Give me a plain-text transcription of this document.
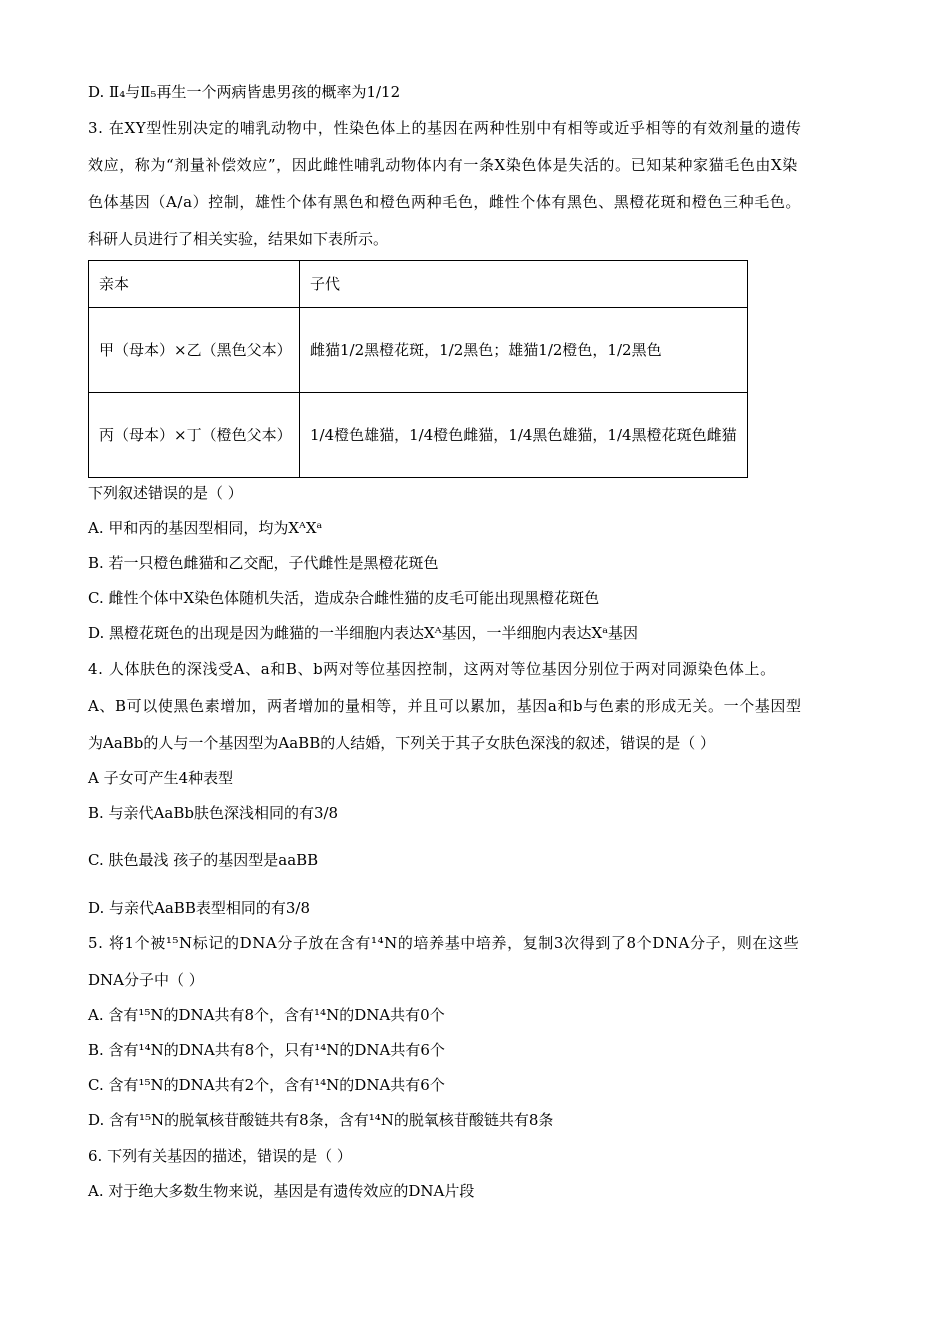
D. Ⅱ₄与Ⅱ₅再生一个两病皆患男孩的概率为1/12
3. 在XY型性别决定的哺乳动物中，性染色体上的基因在两种性别中有相等或近乎相等的有效剂量的遗传
效应，称为“剂量补偿效应”，因此雌性哺乳动物体内有一条X染色体是失活的。已知某种家猫毛色由X染
色体基因（A/a）控制，雄性个体有黑色和橙色两种毛色，雌性个体有黑色、黑橙花斑和橙色三种毛色。
科研人员进行了相关实验，结果如下表所示。
亲本	子代
甲（母本）×乙（黑色父本）	雌猫1/2黑橙花斑，1/2黑色；雄猫1/2橙色，1/2黑色
丙（母本）×丁（橙色父本）	1/4橙色雄猫，1/4橙色雌猫，1/4黑色雄猫，1/4黑橙花斑色雌猫
下列叙述错误的是（ ）
A. 甲和丙的基因型相同，均为XᴬXᵃ
B. 若一只橙色雌猫和乙交配，子代雌性是黑橙花斑色
C. 雌性个体中X染色体随机失活，造成杂合雌性猫的皮毛可能出现黑橙花斑色
D. 黑橙花斑色的出现是因为雌猫的一半细胞内表达Xᴬ基因，一半细胞内表达Xᵃ基因
4. 人体肤色的深浅受A、a和B、b两对等位基因控制，这两对等位基因分别位于两对同源染色体上。
A、B可以使黑色素增加，两者增加的量相等，并且可以累加，基因a和b与色素的形成无关。一个基因型
为AaBb的人与一个基因型为AaBB的人结婚，下列关于其子女肤色深浅的叙述，错误的是（ ）
A 子女可产生4种表型
B. 与亲代AaBb肤色深浅相同的有3/8
C. 肤色最浅 孩子的基因型是aaBB
D. 与亲代AaBB表型相同的有3/8
5. 将1个被¹⁵N标记的DNA分子放在含有¹⁴N的培养基中培养，复制3次得到了8个DNA分子，则在这些
DNA分子中（ ）
A. 含有¹⁵N的DNA共有8个，含有¹⁴N的DNA共有0个
B. 含有¹⁴N的DNA共有8个，只有¹⁴N的DNA共有6个
C. 含有¹⁵N的DNA共有2个，含有¹⁴N的DNA共有6个
D. 含有¹⁵N的脱氧核苷酸链共有8条，含有¹⁴N的脱氧核苷酸链共有8条
6. 下列有关基因的描述，错误的是（ ）
A. 对于绝大多数生物来说，基因是有遗传效应的DNA片段
